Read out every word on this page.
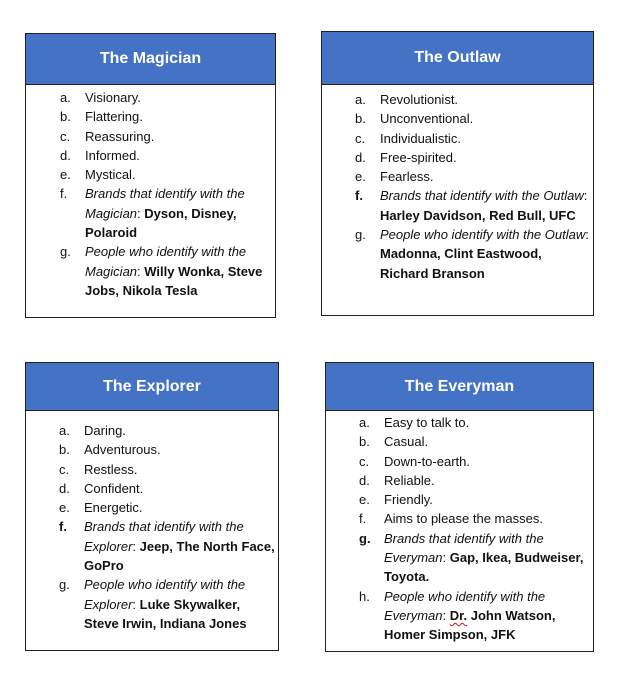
The Magician
a.	Visionary.
b.	Flattering.
c.	Reassuring.
d.	Informed.
e.	Mystical.
f.	Brands that identify with the Magician: Dyson, Disney, Polaroid
g.	People who identify with the Magician: Willy Wonka, Steve Jobs, Nikola Tesla
The Outlaw
a.	Revolutionist.
b.	Unconventional.
c.	Individualistic.
d.	Free-spirited.
e.	Fearless.
f.	Brands that identify with the Outlaw: Harley Davidson, Red Bull, UFC
g.	People who identify with the Outlaw: Madonna, Clint Eastwood, Richard Branson
The Explorer
a.	Daring.
b.	Adventurous.
c.	Restless.
d.	Confident.
e.	Energetic.
f.	Brands that identify with the Explorer: Jeep, The North Face, GoPro
g.	People who identify with the Explorer: Luke Skywalker, Steve Irwin, Indiana Jones
The Everyman
a.	Easy to talk to.
b.	Casual.
c.	Down-to-earth.
d.	Reliable.
e.	Friendly.
f.	Aims to please the masses.
g.	Brands that identify with the Everyman: Gap, Ikea, Budweiser, Toyota.
h.	People who identify with the Everyman: Dr. John Watson, Homer Simpson, JFK
